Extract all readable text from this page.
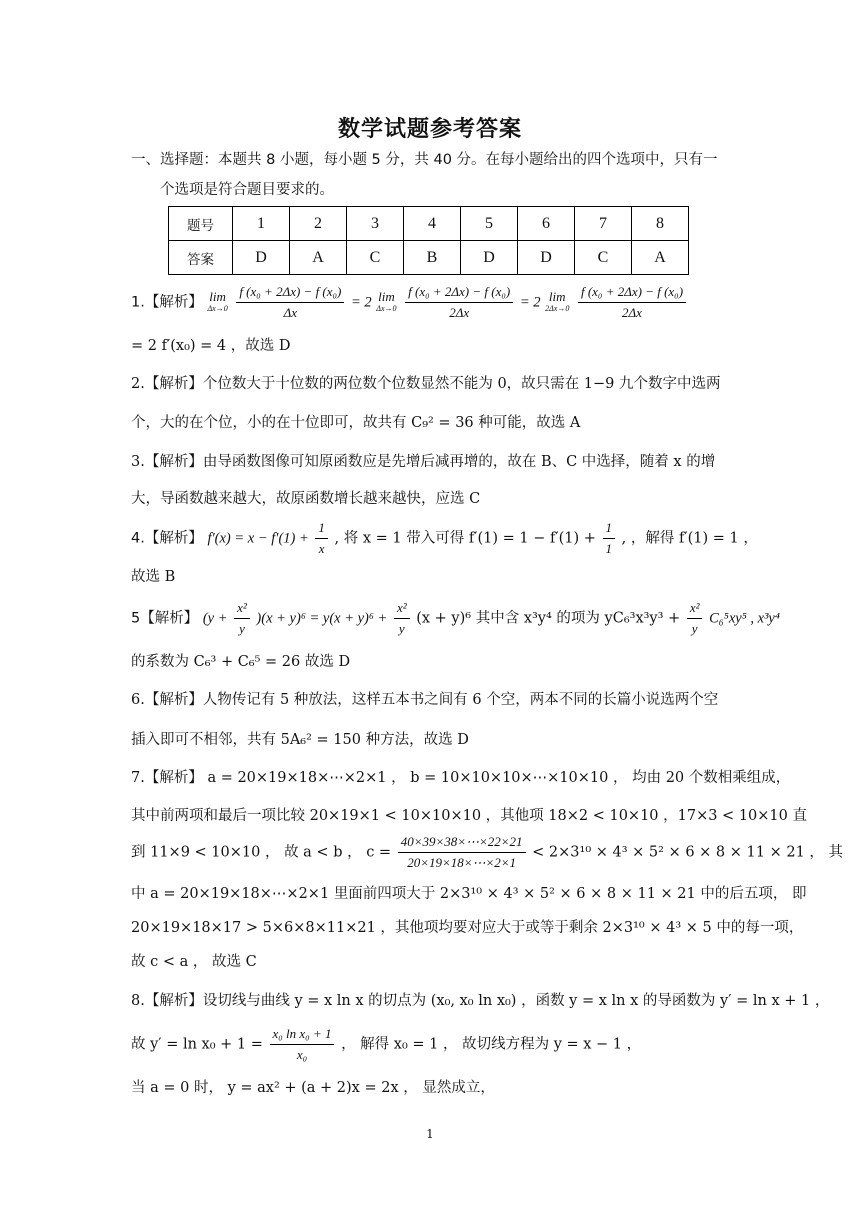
数学试题参考答案
一、选择题：本题共 8 小题，每小题 5 分，共 40 分。在每小题给出的四个选项中，只有一
个选项是符合题目要求的。
题号	1	2	3	4	5	6	7	8
答案	D	A	C	B	D	D	C	A
1.【解析】 lim
Δx→0
$\frac{\text{f (x₀ + 2Δx) − f (x₀)}}{\Delta x} = 2$ lim
Δx→0
$\frac{\text{f (x₀ + 2Δx) − f (x₀)}}{2\Delta x} = 2$ lim
2Δx→0
$\frac{\text{f (x₀ + 2Δx) − f (x₀)}}{2\Delta x}$
= 2 f′(x₀) = 4 ，故选 D
2.【解析】个位数大于十位数的两位数个位数显然不能为 0，故只需在 1−9 九个数字中选两
个，大的在个位，小的在十位即可，故共有 C₉² = 36 种可能，故选 A
3.【解析】由导函数图像可知原函数应是先增后减再增的，故在 B、C 中选择，随着 x 的增
大，导函数越来越大，故原函数增长越来越快，应选 C
4.【解析】 $f'(x) = x - f'(1) + \frac{1}{x}$ , 将 x = 1 带入可得 $f'(1) = 1 - f'(1) + \frac{1}{1}$ , ，解得 f′(1) = 1 ，
故选 B
5【解析】 $(y + \frac{\text{x²}}{y} )(x + y)^6 = y(x + y)^6 + \frac{\text{x²}}{y} (x + y)^6$ 其中含 x³y⁴ 的项为 $yC_6^3x^3y^3 + \frac{\text{x²}}{y} C_6^5xy^5$ , x³y⁴
的系数为 C₆³ + C₆⁵ = 26 故选 D
6.【解析】人物传记有 5 种放法，这样五本书之间有 6 个空，两本不同的长篇小说选两个空
插入即可不相邻，共有 5A₆² = 150 种方法，故选 D
7.【解析】 a = 20×19×18×⋯×2×1 ， b = 10×10×10×⋯×10×10 ， 均由 20 个数相乘组成，
其中前两项和最后一项比较 20×19×1 < 10×10×10 ，其他项 18×2 < 10×10 ，17×3 < 10×10 直
到 11×9 < 10×10 ， 故 a < b ， $c = \frac{40\times 39\times 38\times\cdots\times 22\times 21}{20\times 19\times 18\times\cdots\times 2\times 1} < 2\times 3^{10} \times 4^3 \times 5^2 \times 6 \times 8 \times 11 \times 21$ ， 其
中 a = 20×19×18×⋯×2×1 里面前四项大于 2×3¹⁰ × 4³ × 5² × 6 × 8 × 11 × 21 中的后五项， 即
20×19×18×17 > 5×6×8×11×21 ，其他项均要对应大于或等于剩余 2×3¹⁰ × 4³ × 5 中的每一项，
故 c < a ， 故选 C
8.【解析】设切线与曲线 y = x ln x 的切点为 (x₀, x₀ ln x₀) ，函数 y = x ln x 的导函数为 y′ = ln x + 1 ，
故 $y' = \ln x_0 + 1 = \frac{\text{x₀ ln x₀ + 1}}{\text{x₀}}$ ， 解得 x₀ = 1 ， 故切线方程为 y = x − 1 ，
当 a = 0 时， y = ax² + (a + 2)x = 2x ， 显然成立，
1
